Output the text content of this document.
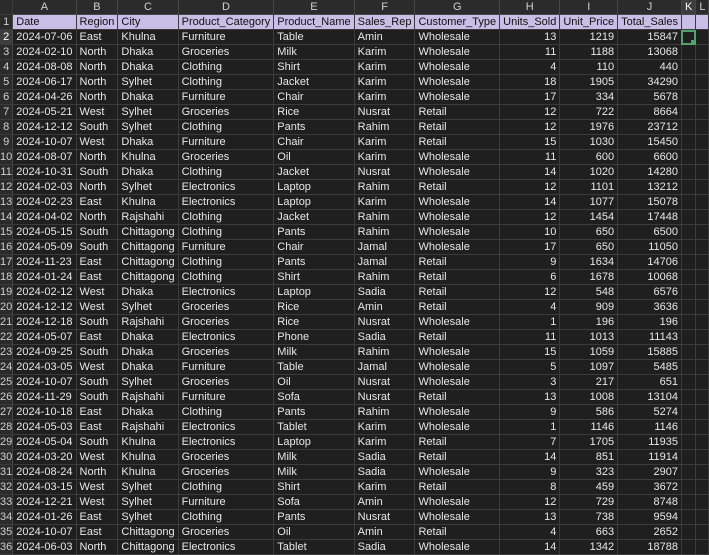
	A	B	C	D	E	F	G	H	I	J	K	L
1	Date	Region	City	Product_Category	Product_Name	Sales_Rep	Customer_Type	Units_Sold	Unit_Price	Total_Sales		
2	2024-07-06	East	Khulna	Furniture	Table	Amin	Wholesale	13	1219	15847		
3	2024-02-10	North	Dhaka	Groceries	Milk	Karim	Wholesale	11	1188	13068		
4	2024-08-08	North	Dhaka	Clothing	Shirt	Karim	Wholesale	4	110	440		
5	2024-06-17	North	Sylhet	Clothing	Jacket	Karim	Wholesale	18	1905	34290		
6	2024-04-26	North	Dhaka	Furniture	Chair	Karim	Wholesale	17	334	5678		
7	2024-05-21	West	Sylhet	Groceries	Rice	Nusrat	Retail	12	722	8664		
8	2024-12-12	South	Sylhet	Clothing	Pants	Rahim	Retail	12	1976	23712		
9	2024-10-07	West	Dhaka	Furniture	Chair	Karim	Retail	15	1030	15450		
10	2024-08-07	North	Khulna	Groceries	Oil	Karim	Wholesale	11	600	6600		
11	2024-10-31	South	Dhaka	Clothing	Jacket	Nusrat	Wholesale	14	1020	14280		
12	2024-02-03	North	Sylhet	Electronics	Laptop	Rahim	Retail	12	1101	13212		
13	2024-02-23	East	Khulna	Electronics	Laptop	Karim	Wholesale	14	1077	15078		
14	2024-04-02	North	Rajshahi	Clothing	Jacket	Rahim	Wholesale	12	1454	17448		
15	2024-05-15	South	Chittagong	Clothing	Pants	Rahim	Wholesale	10	650	6500		
16	2024-05-09	South	Chittagong	Furniture	Chair	Jamal	Wholesale	17	650	11050		
17	2024-11-23	East	Chittagong	Clothing	Pants	Jamal	Retail	9	1634	14706		
18	2024-01-24	East	Chittagong	Clothing	Shirt	Rahim	Retail	6	1678	10068		
19	2024-02-12	West	Dhaka	Electronics	Laptop	Sadia	Retail	12	548	6576		
20	2024-12-12	West	Sylhet	Groceries	Rice	Amin	Retail	4	909	3636		
21	2024-12-18	South	Rajshahi	Groceries	Rice	Nusrat	Wholesale	1	196	196		
22	2024-05-07	East	Dhaka	Electronics	Phone	Sadia	Retail	11	1013	11143		
23	2024-09-25	South	Dhaka	Groceries	Milk	Rahim	Wholesale	15	1059	15885		
24	2024-03-05	West	Dhaka	Furniture	Table	Jamal	Wholesale	5	1097	5485		
25	2024-10-07	South	Sylhet	Groceries	Oil	Nusrat	Wholesale	3	217	651		
26	2024-11-29	South	Rajshahi	Furniture	Sofa	Nusrat	Retail	13	1008	13104		
27	2024-10-18	East	Dhaka	Clothing	Pants	Rahim	Wholesale	9	586	5274		
28	2024-05-03	East	Rajshahi	Electronics	Tablet	Karim	Wholesale	1	1146	1146		
29	2024-05-04	South	Khulna	Electronics	Laptop	Karim	Retail	7	1705	11935		
30	2024-03-20	West	Khulna	Groceries	Milk	Sadia	Retail	14	851	11914		
31	2024-08-24	North	Khulna	Groceries	Milk	Sadia	Wholesale	9	323	2907		
32	2024-03-15	West	Sylhet	Clothing	Shirt	Karim	Retail	8	459	3672		
33	2024-12-21	West	Sylhet	Furniture	Sofa	Amin	Wholesale	12	729	8748		
34	2024-01-26	East	Sylhet	Clothing	Pants	Nusrat	Wholesale	13	738	9594		
35	2024-10-07	East	Chittagong	Groceries	Oil	Amin	Retail	4	663	2652		
36	2024-06-03	North	Chittagong	Electronics	Tablet	Sadia	Wholesale	14	1342	18788		
